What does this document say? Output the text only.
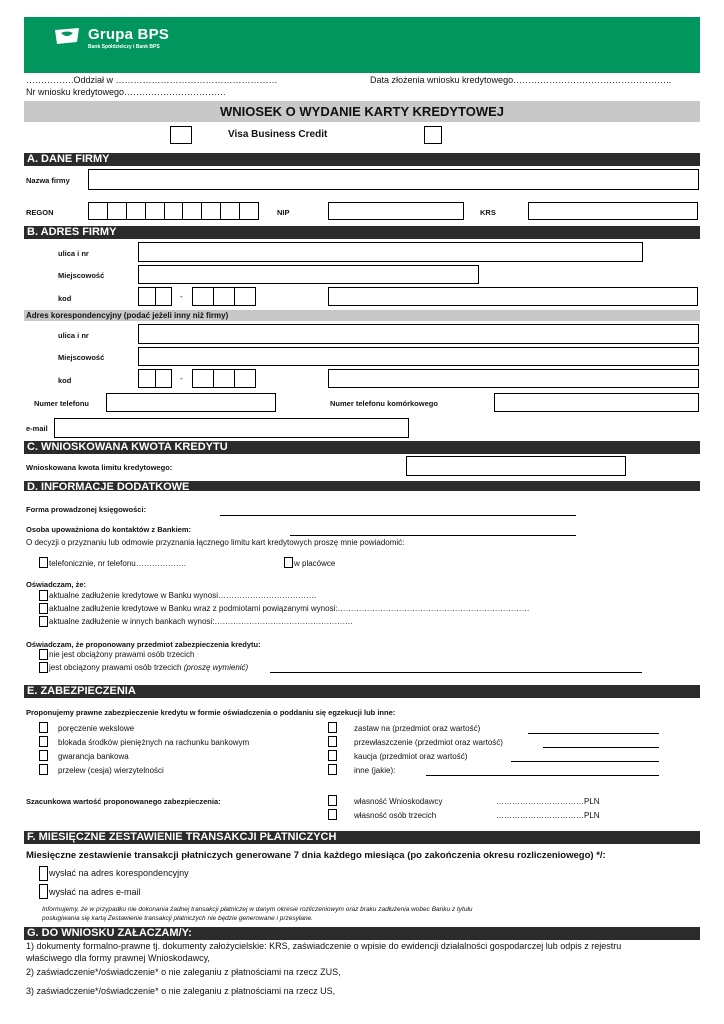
Grupa BPS
Bank Spółdzielczy i Bank BPS
…………….Oddział w ………………………………………………	Data złożenia wniosku kredytowego……………………………………………..
Nr wniosku kredytowego…………………………….
WNIOSEK O WYDANIE KARTY KREDYTOWEJ
Visa Business Credit
A. DANE FIRMY
Nazwa firmy
REGON	NIP	KRS
B. ADRES FIRMY
ulica i nr
Miejscowość
kod	-
Adres korespondencyjny (podać jeżeli inny niż firmy)
ulica i nr
Miejscowość
kod	-
Numer telefonu	Numer telefonu komórkowego
e-mail
C. WNIOSKOWANA KWOTA KREDYTU
Wnioskowana kwota limitu kredytowego:
D. INFORMACJE DODATKOWE
Forma prowadzonej księgowości:
Osoba upoważniona do kontaktów z Bankiem:
O decyzji o przyznaniu lub odmowie przyznania łącznego limitu kart kredytowych proszę mnie powiadomić:
telefonicznie, nr telefonu……………….	w placówce
Oświadczam, że:
aktualne zadłużenie kredytowe w Banku wynosi……………………………….
aktualne zadłużenie kredytowe w Banku wraz z podmiotami powiązanymi wynosi:………………………………………………………………
aktualne zadłużenie w innych bankach wynosi:…………………………………………….
Oświadczam, że proponowany przedmiot zabezpieczenia kredytu:
nie jest obciążony prawami osób trzecich
jest obciązony prawami osób trzecich (proszę wymienić)
E. ZABEZPIECZENIA
Proponujemy prawne zabezpieczenie kredytu w formie oświadczenia o poddaniu się egzekucji lub inne:
poręczenie wekslowe
blokada środków pieniężnych na rachunku bankowym
gwarancja bankowa
przelew (cesja) wierzytelności
zastaw na (przedmiot oraz wartość)
przewłaszczenie (przedmiot oraz wartość)
kaucja (przedmiot oraz wartość)
inne (jakie):
Szacunkowa wartość proponowanego zabezpieczenia:	własność Wnioskodawcy	……………………………PLN
własność osób trzecich	……………………………PLN
F. MIESIĘCZNE ZESTAWIENIE TRANSAKCJI PŁATNICZYCH
Miesięczne zestawienie transakcji płatniczych generowane 7 dnia każdego miesiąca (po zakończenia okresu rozliczeniowego) */:
wysłać na adres korespondencyjny
wysłać na adres e-mail
Informujemy, że w przypadku nie dokonania żadnej transakcji płatniczej w danym okresie rozliczeniowym oraz braku zadłużenia wobec Banku z tytułu
posługiwania się kartą Zestawienie transakcji płatniczych nie będzie generowane i przesyłane.
G. DO WNIOSKU ZAŁACZAM/Y:
1) dokumenty formalno-prawne tj. dokumenty założycielskie: KRS, zaświadczenie o wpisie do ewidencji działalności gospodarczej lub odpis z rejestru
właściwego dla formy prawnej Wnioskodawcy,
2) zaświadczenie*/oświadczenie* o nie zaleganiu z płatnościami na rzecz ZUS,
3) zaświadczenie*/oświadczenie* o nie zaleganiu z płatnościami na rzecz US,
